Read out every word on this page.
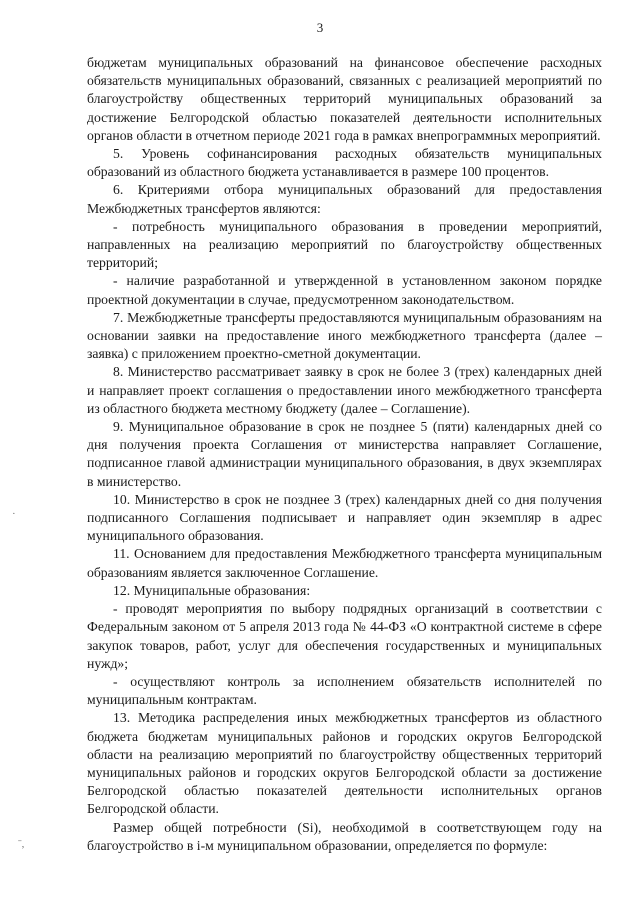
3

бюджетам муниципальных образований на финансовое обеспечение расходных обязательств муниципальных образований, связанных с реализацией мероприятий по благоустройству общественных территорий муниципальных образований за достижение Белгородской областью показателей деятельности исполнительных органов области в отчетном периоде 2021 года в рамках внепрограммных мероприятий.

5. Уровень софинансирования расходных обязательств муниципальных образований из областного бюджета устанавливается в размере 100 процентов.

6. Критериями отбора муниципальных образований для предоставления Межбюджетных трансфертов являются:

- потребность муниципального образования в проведении мероприятий, направленных на реализацию мероприятий по благоустройству общественных территорий;

- наличие разработанной и утвержденной в установленном законом порядке проектной документации в случае, предусмотренном законодательством.

7. Межбюджетные трансферты предоставляются муниципальным образованиям на основании заявки на предоставление иного межбюджетного трансферта (далее – заявка) с приложением проектно-сметной документации.

8. Министерство рассматривает заявку в срок не более 3 (трех) календарных дней и направляет проект соглашения о предоставлении иного межбюджетного трансферта из областного бюджета местному бюджету (далее – Соглашение).

9. Муниципальное образование в срок не позднее 5 (пяти) календарных дней со дня получения проекта Соглашения от министерства направляет Соглашение, подписанное главой администрации муниципального образования, в двух экземплярах в министерство.

10. Министерство в срок не позднее 3 (трех) календарных дней со дня получения подписанного Соглашения подписывает и направляет один экземпляр в адрес муниципального образования.

11. Основанием для предоставления Межбюджетного трансферта муниципальным образованиям является заключенное Соглашение.

12. Муниципальные образования:

- проводят мероприятия по выбору подрядных организаций в соответствии с Федеральным законом от 5 апреля 2013 года № 44-ФЗ «О контрактной системе в сфере закупок товаров, работ, услуг для обеспечения государственных и муниципальных нужд»;

- осуществляют контроль за исполнением обязательств исполнителей по муниципальным контрактам.

13. Методика распределения иных межбюджетных трансфертов из областного бюджета бюджетам муниципальных районов и городских округов Белгородской области на реализацию мероприятий по благоустройству общественных территорий муниципальных районов и городских округов Белгородской области за достижение Белгородской областью показателей деятельности исполнительных органов Белгородской области.

Размер общей потребности (Si), необходимой в соответствующем году на благоустройство в i-м муниципальном образовании, определяется по формуле:

·
ˉ,
